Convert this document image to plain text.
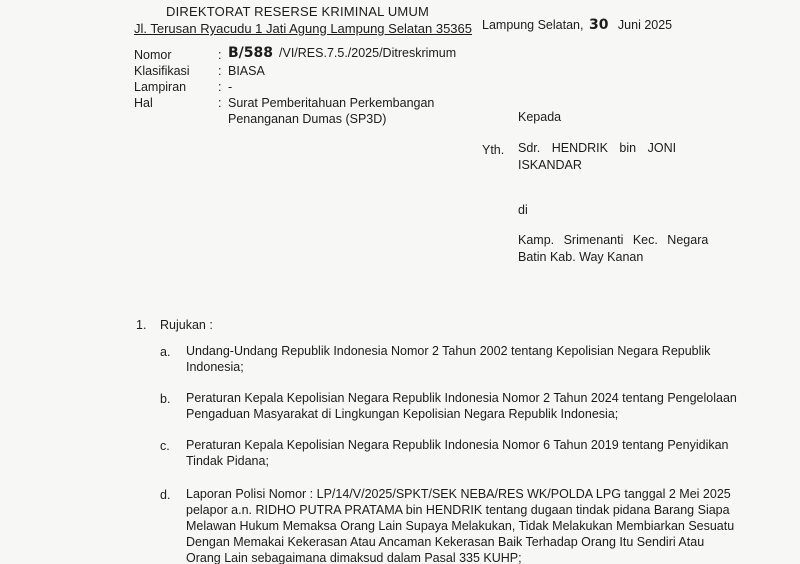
DIREKTORAT RESERSE KRIMINAL UMUM
Jl. Terusan Ryacudu 1 Jati Agung Lampung Selatan 35365 Lampung Selatan, 30 Juni 2025
Nomor	: B/588 /VI/RES.7.5./2025/Ditreskrimum
Klasifikasi : BIASA
Lampiran	: -
Hal	: Surat Pemberitahuan Perkembangan
Penanganan Dumas (SP3D)	Kepada
Yth. Sdr. HENDRIK bin JONI
ISKANDAR
di
Kamp. Srimenanti Kec. Negara
Batin Kab. Way Kanan
1. Rujukan :
a. Undang-Undang Republik Indonesia Nomor 2 Tahun 2002 tentang Kepolisian Negara Republik
Indonesia;
b. Peraturan Kepala Kepolisian Negara Republik Indonesia Nomor 2 Tahun 2024 tentang Pengelolaan
Pengaduan Masyarakat di Lingkungan Kepolisian Negara Republik Indonesia;
c. Peraturan Kepala Kepolisian Negara Republik Indonesia Nomor 6 Tahun 2019 tentang Penyidikan
Tindak Pidana;
d. Laporan Polisi Nomor : LP/14/V/2025/SPKT/SEK NEBA/RES WK/POLDA LPG tanggal 2 Mei 2025
pelapor a.n. RIDHO PUTRA PRATAMA bin HENDRIK tentang dugaan tindak pidana Barang Siapa
Melawan Hukum Memaksa Orang Lain Supaya Melakukan, Tidak Melakukan Membiarkan Sesuatu
Dengan Memakai Kekerasan Atau Ancaman Kekerasan Baik Terhadap Orang Itu Sendiri Atau
Orang Lain sebagaimana dimaksud dalam Pasal 335 KUHP;
